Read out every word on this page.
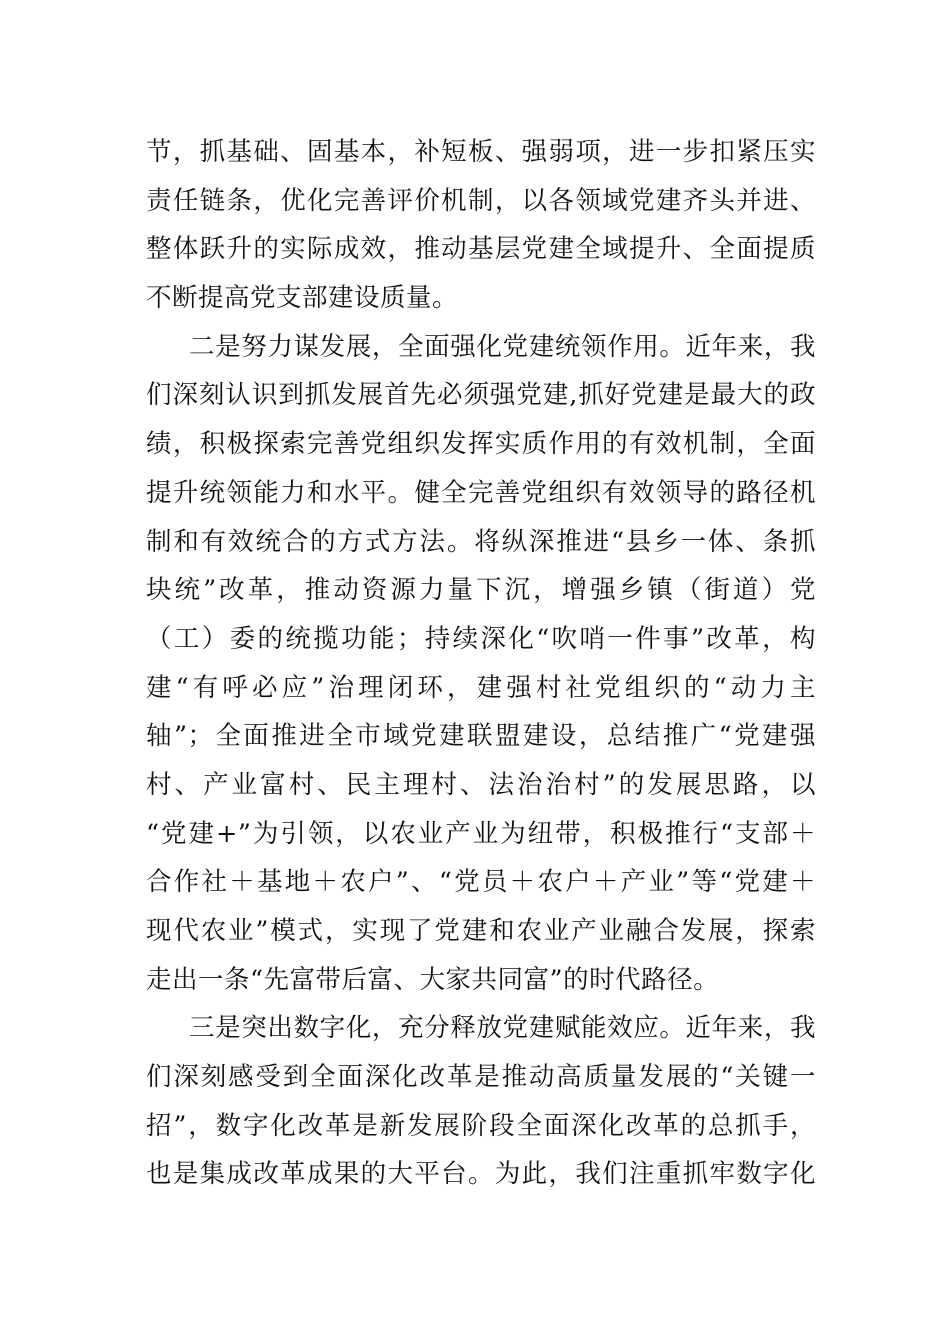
节，抓基础、固基本，补短板、强弱项，进一步扣紧压实
责任链条，优化完善评价机制，以各领域党建齐头并进、
整体跃升的实际成效，推动基层党建全域提升、全面提质
不断提高党支部建设质量。
二是努力谋发展，全面强化党建统领作用。近年来，我
们深刻认识到抓发展首先必须强党建,抓好党建是最大的政
绩，积极探索完善党组织发挥实质作用的有效机制，全面
提升统领能力和水平。健全完善党组织有效领导的路径机
制和有效统合的方式方法。将纵深推进“县乡一体、条抓
块统”改革，推动资源力量下沉，增强乡镇（街道）党
（工）委的统揽功能；持续深化“吹哨一件事”改革，构
建“有呼必应”治理闭环，建强村社党组织的“动力主
轴”；全面推进全市域党建联盟建设，总结推广“党建强
村、产业富村、民主理村、法治治村”的发展思路，以
“党建+”为引领，以农业产业为纽带，积极推行“支部＋
合作社＋基地＋农户”、“党员＋农户＋产业”等“党建＋
现代农业”模式，实现了党建和农业产业融合发展，探索
走出一条“先富带后富、大家共同富”的时代路径。
三是突出数字化，充分释放党建赋能效应。近年来，我
们深刻感受到全面深化改革是推动高质量发展的“关键一
招”，数字化改革是新发展阶段全面深化改革的总抓手，
也是集成改革成果的大平台。为此，我们注重抓牢数字化
